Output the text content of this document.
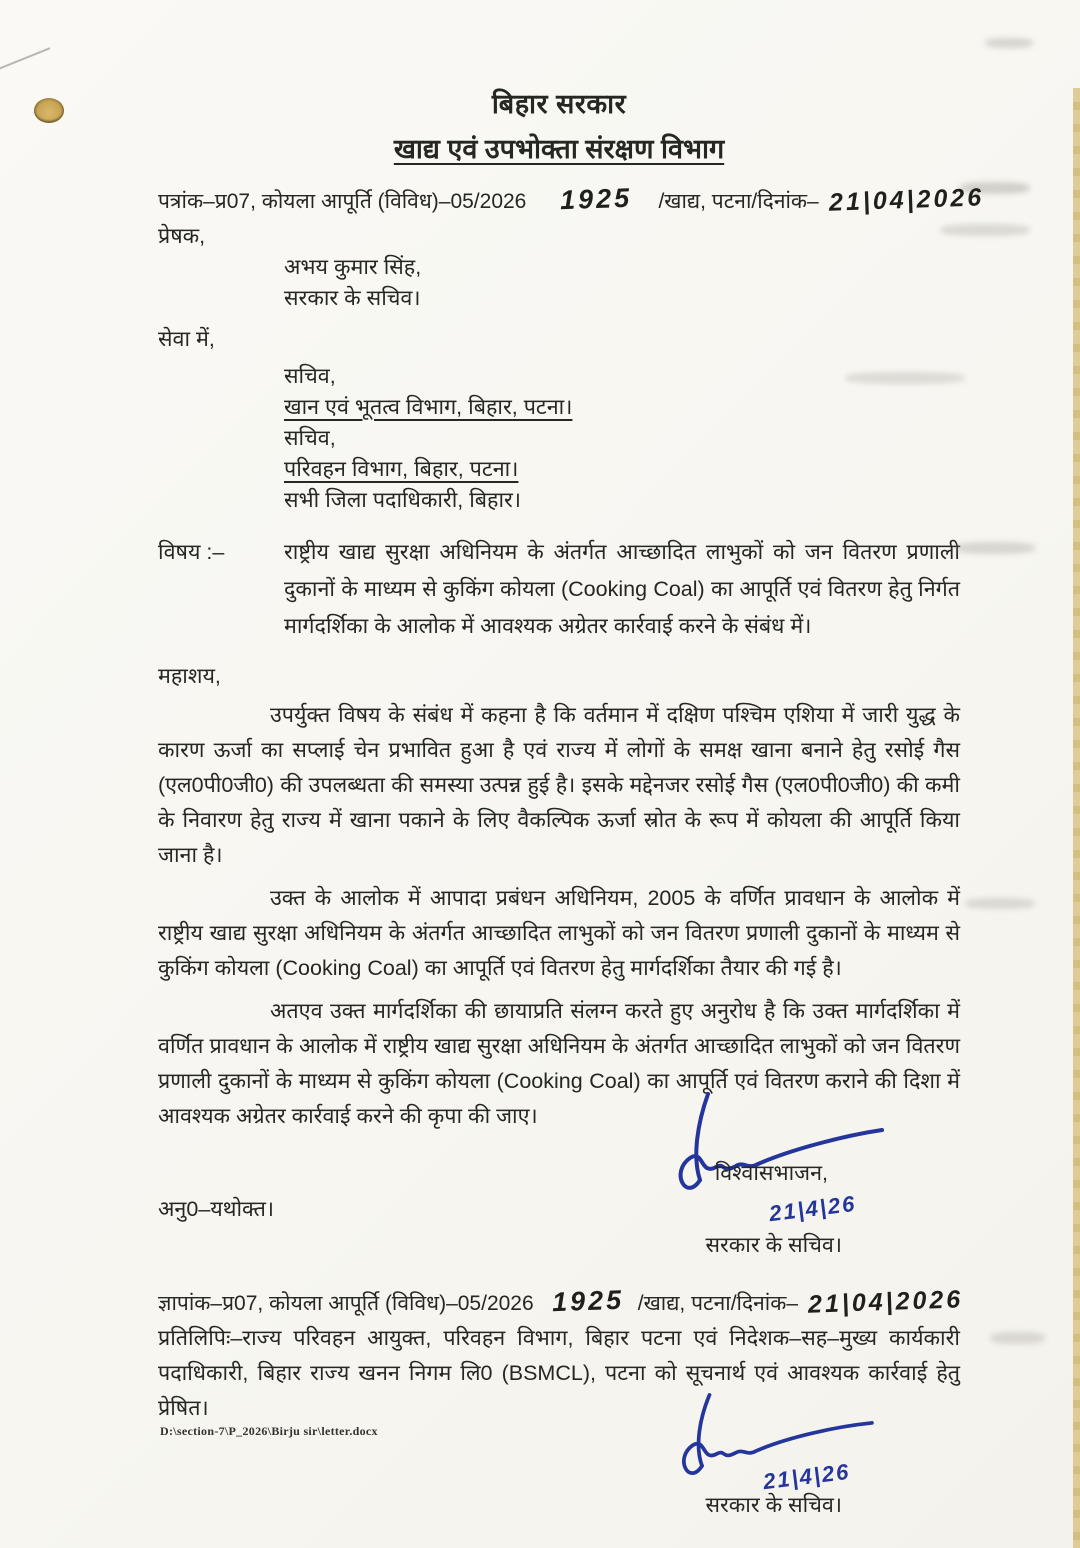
बिहार सरकार
खाद्य एवं उपभोक्ता संरक्षण विभाग
पत्रांक–प्र07, कोयला आपूर्ति (विविध)–05/2026 1925 /खाद्य, पटना/दिनांक– 21|04|2026
प्रेषक,
अभय कुमार सिंह,
सरकार के सचिव।
सेवा में,
सचिव,
खान एवं भूतत्व विभाग, बिहार, पटना।
सचिव,
परिवहन विभाग, बिहार, पटना।
सभी जिला पदाधिकारी, बिहार।
विषय :–	राष्ट्रीय खाद्य सुरक्षा अधिनियम के अंतर्गत आच्छादित लाभुकों को जन वितरण प्रणाली दुकानों के माध्यम से कुकिंग कोयला (Cooking Coal) का आपूर्ति एवं वितरण हेतु निर्गत मार्गदर्शिका के आलोक में आवश्यक अग्रेतर कार्रवाई करने के संबंध में।
महाशय,
उपर्युक्त विषय के संबंध में कहना है कि वर्तमान में दक्षिण पश्चिम एशिया में जारी युद्ध के कारण ऊर्जा का सप्लाई चेन प्रभावित हुआ है एवं राज्य में लोगों के समक्ष खाना बनाने हेतु रसोई गैस (एल0पी0जी0) की उपलब्धता की समस्या उत्पन्न हुई है। इसके मद्देनजर रसोई गैस (एल0पी0जी0) की कमी के निवारण हेतु राज्य में खाना पकाने के लिए वैकल्पिक ऊर्जा स्रोत के रूप में कोयला की आपूर्ति किया जाना है।
उक्त के आलोक में आपादा प्रबंधन अधिनियम, 2005 के वर्णित प्रावधान के आलोक में राष्ट्रीय खाद्य सुरक्षा अधिनियम के अंतर्गत आच्छादित लाभुकों को जन वितरण प्रणाली दुकानों के माध्यम से कुकिंग कोयला (Cooking Coal) का आपूर्ति एवं वितरण हेतु मार्गदर्शिका तैयार की गई है।
अतएव उक्त मार्गदर्शिका की छायाप्रति संलग्न करते हुए अनुरोध है कि उक्त मार्गदर्शिका में वर्णित प्रावधान के आलोक में राष्ट्रीय खाद्य सुरक्षा अधिनियम के अंतर्गत आच्छादित लाभुकों को जन वितरण प्रणाली दुकानों के माध्यम से कुकिंग कोयला (Cooking Coal) का आपूर्ति एवं वितरण कराने की दिशा में आवश्यक अग्रेतर कार्रवाई करने की कृपा की जाए।
विश्वासभाजन,
21|4|26
अनु0–यथोक्त।
सरकार के सचिव।
ज्ञापांक–प्र07, कोयला आपूर्ति (विविध)–05/2026 1925 /खाद्य, पटना/दिनांक– 21|04|2026
प्रतिलिपिः–राज्य परिवहन आयुक्त, परिवहन विभाग, बिहार पटना एवं निदेशक–सह–मुख्य कार्यकारी पदाधिकारी, बिहार राज्य खनन निगम लि0 (BSMCL), पटना को सूचनार्थ एवं आवश्यक कार्रवाई हेतु प्रेषित।
21|4|26
सरकार के सचिव।
D:\section-7\P_2026\Birju sir\letter.docx
